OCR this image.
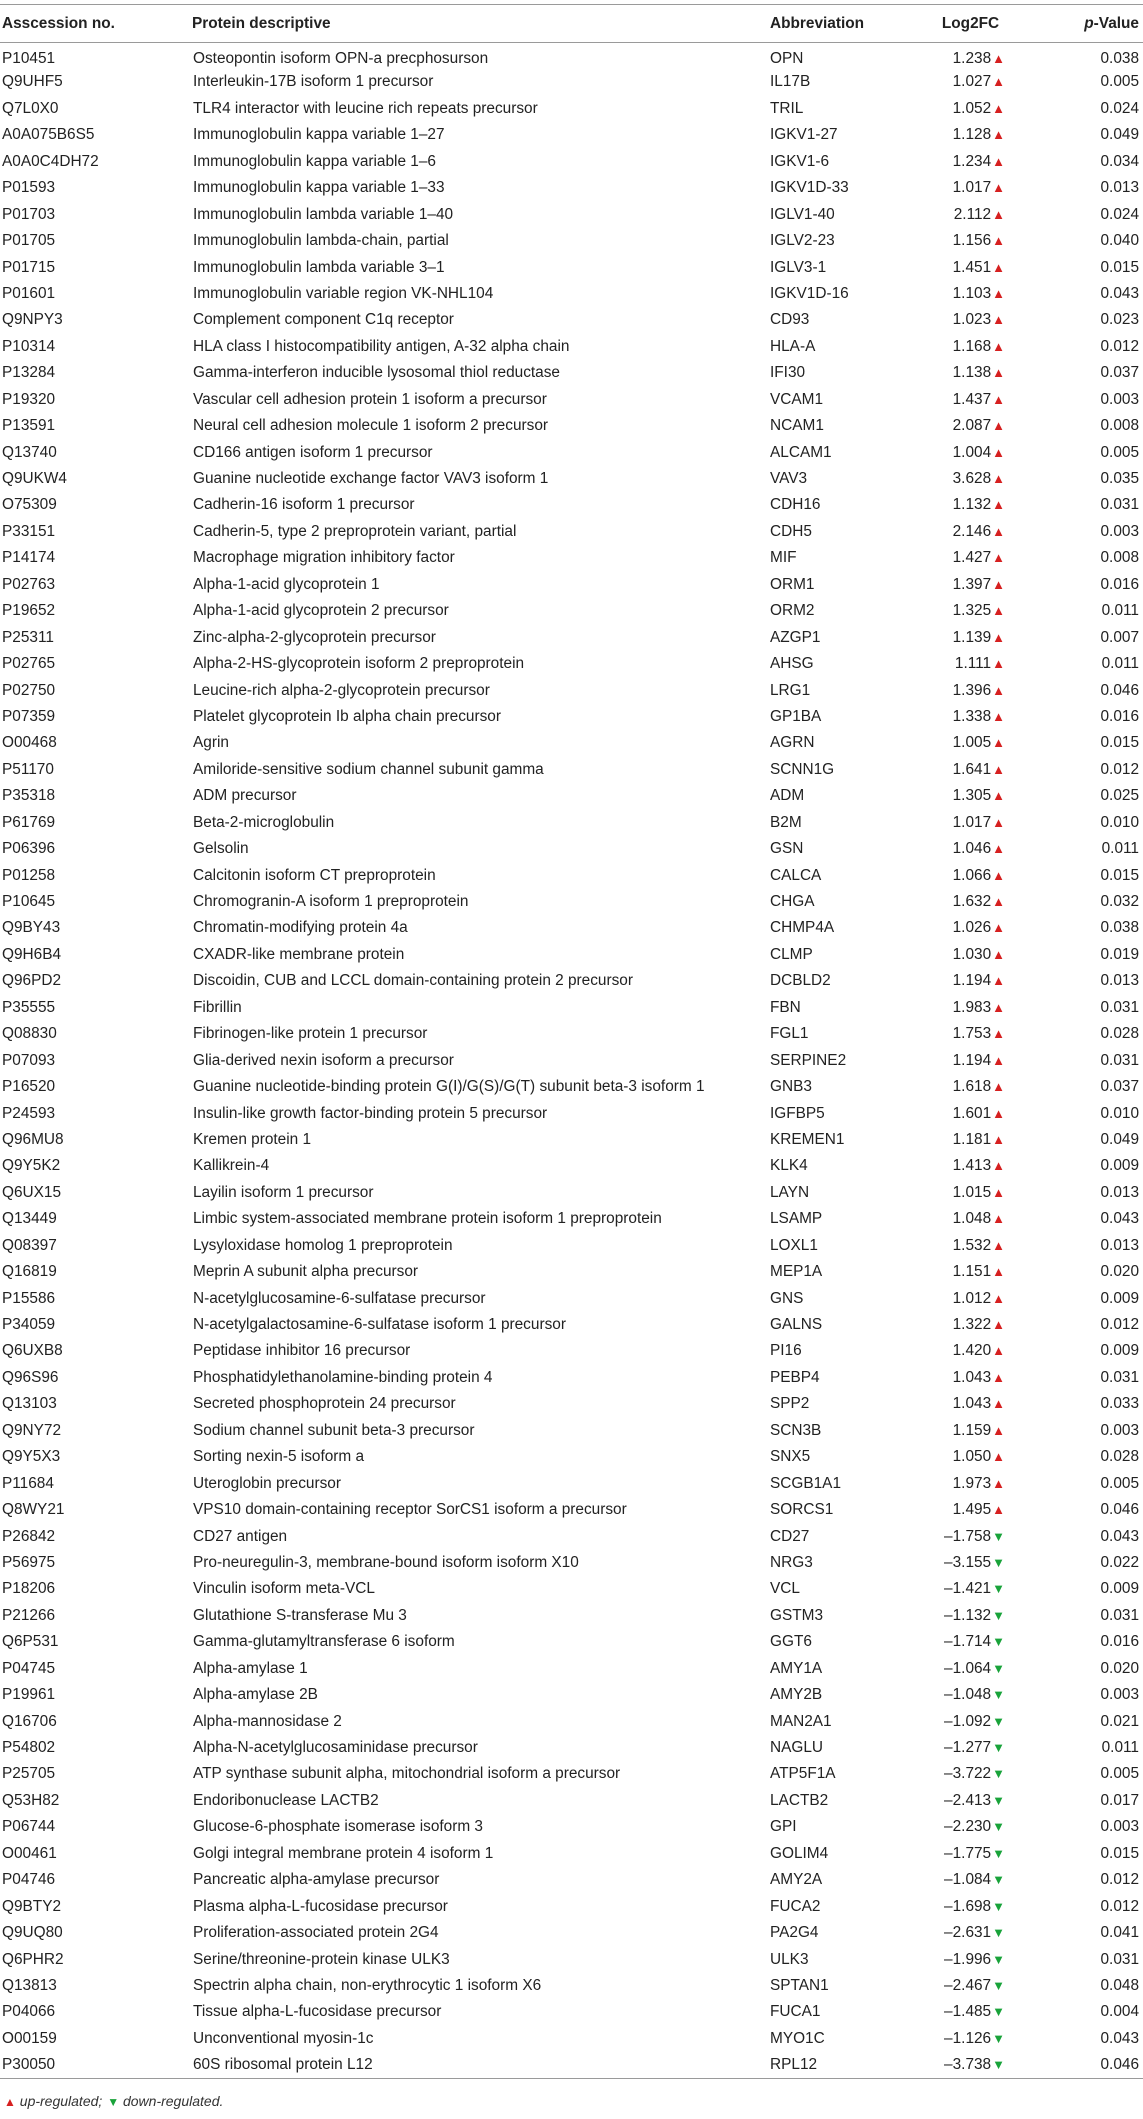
Asscession no.	Protein descriptive	Abbreviation	Log2FC	p-Value
P10451	Osteopontin isoform OPN-a precphosurson	OPN	1.238▲	0.038
Q9UHF5	Interleukin-17B isoform 1 precursor	IL17B	1.027▲	0.005
Q7L0X0	TLR4 interactor with leucine rich repeats precursor	TRIL	1.052▲	0.024
A0A075B6S5	Immunoglobulin kappa variable 1–27	IGKV1-27	1.128▲	0.049
A0A0C4DH72	Immunoglobulin kappa variable 1–6	IGKV1-6	1.234▲	0.034
P01593	Immunoglobulin kappa variable 1–33	IGKV1D-33	1.017▲	0.013
P01703	Immunoglobulin lambda variable 1–40	IGLV1-40	2.112▲	0.024
P01705	Immunoglobulin lambda-chain, partial	IGLV2-23	1.156▲	0.040
P01715	Immunoglobulin lambda variable 3–1	IGLV3-1	1.451▲	0.015
P01601	Immunoglobulin variable region VK-NHL104	IGKV1D-16	1.103▲	0.043
Q9NPY3	Complement component C1q receptor	CD93	1.023▲	0.023
P10314	HLA class I histocompatibility antigen, A-32 alpha chain	HLA-A	1.168▲	0.012
P13284	Gamma-interferon inducible lysosomal thiol reductase	IFI30	1.138▲	0.037
P19320	Vascular cell adhesion protein 1 isoform a precursor	VCAM1	1.437▲	0.003
P13591	Neural cell adhesion molecule 1 isoform 2 precursor	NCAM1	2.087▲	0.008
Q13740	CD166 antigen isoform 1 precursor	ALCAM1	1.004▲	0.005
Q9UKW4	Guanine nucleotide exchange factor VAV3 isoform 1	VAV3	3.628▲	0.035
O75309	Cadherin-16 isoform 1 precursor	CDH16	1.132▲	0.031
P33151	Cadherin-5, type 2 preproprotein variant, partial	CDH5	2.146▲	0.003
P14174	Macrophage migration inhibitory factor	MIF	1.427▲	0.008
P02763	Alpha-1-acid glycoprotein 1	ORM1	1.397▲	0.016
P19652	Alpha-1-acid glycoprotein 2 precursor	ORM2	1.325▲	0.011
P25311	Zinc-alpha-2-glycoprotein precursor	AZGP1	1.139▲	0.007
P02765	Alpha-2-HS-glycoprotein isoform 2 preproprotein	AHSG	1.111▲	0.011
P02750	Leucine-rich alpha-2-glycoprotein precursor	LRG1	1.396▲	0.046
P07359	Platelet glycoprotein Ib alpha chain precursor	GP1BA	1.338▲	0.016
O00468	Agrin	AGRN	1.005▲	0.015
P51170	Amiloride-sensitive sodium channel subunit gamma	SCNN1G	1.641▲	0.012
P35318	ADM precursor	ADM	1.305▲	0.025
P61769	Beta-2-microglobulin	B2M	1.017▲	0.010
P06396	Gelsolin	GSN	1.046▲	0.011
P01258	Calcitonin isoform CT preproprotein	CALCA	1.066▲	0.015
P10645	Chromogranin-A isoform 1 preproprotein	CHGA	1.632▲	0.032
Q9BY43	Chromatin-modifying protein 4a	CHMP4A	1.026▲	0.038
Q9H6B4	CXADR-like membrane protein	CLMP	1.030▲	0.019
Q96PD2	Discoidin, CUB and LCCL domain-containing protein 2 precursor	DCBLD2	1.194▲	0.013
P35555	Fibrillin	FBN	1.983▲	0.031
Q08830	Fibrinogen-like protein 1 precursor	FGL1	1.753▲	0.028
P07093	Glia-derived nexin isoform a precursor	SERPINE2	1.194▲	0.031
P16520	Guanine nucleotide-binding protein G(I)/G(S)/G(T) subunit beta-3 isoform 1	GNB3	1.618▲	0.037
P24593	Insulin-like growth factor-binding protein 5 precursor	IGFBP5	1.601▲	0.010
Q96MU8	Kremen protein 1	KREMEN1	1.181▲	0.049
Q9Y5K2	Kallikrein-4	KLK4	1.413▲	0.009
Q6UX15	Layilin isoform 1 precursor	LAYN	1.015▲	0.013
Q13449	Limbic system-associated membrane protein isoform 1 preproprotein	LSAMP	1.048▲	0.043
Q08397	Lysyloxidase homolog 1 preproprotein	LOXL1	1.532▲	0.013
Q16819	Meprin A subunit alpha precursor	MEP1A	1.151▲	0.020
P15586	N-acetylglucosamine-6-sulfatase precursor	GNS	1.012▲	0.009
P34059	N-acetylgalactosamine-6-sulfatase isoform 1 precursor	GALNS	1.322▲	0.012
Q6UXB8	Peptidase inhibitor 16 precursor	PI16	1.420▲	0.009
Q96S96	Phosphatidylethanolamine-binding protein 4	PEBP4	1.043▲	0.031
Q13103	Secreted phosphoprotein 24 precursor	SPP2	1.043▲	0.033
Q9NY72	Sodium channel subunit beta-3 precursor	SCN3B	1.159▲	0.003
Q9Y5X3	Sorting nexin-5 isoform a	SNX5	1.050▲	0.028
P11684	Uteroglobin precursor	SCGB1A1	1.973▲	0.005
Q8WY21	VPS10 domain-containing receptor SorCS1 isoform a precursor	SORCS1	1.495▲	0.046
P26842	CD27 antigen	CD27	–1.758▼	0.043
P56975	Pro-neuregulin-3, membrane-bound isoform isoform X10	NRG3	–3.155▼	0.022
P18206	Vinculin isoform meta-VCL	VCL	–1.421▼	0.009
P21266	Glutathione S-transferase Mu 3	GSTM3	–1.132▼	0.031
Q6P531	Gamma-glutamyltransferase 6 isoform	GGT6	–1.714▼	0.016
P04745	Alpha-amylase 1	AMY1A	–1.064▼	0.020
P19961	Alpha-amylase 2B	AMY2B	–1.048▼	0.003
Q16706	Alpha-mannosidase 2	MAN2A1	–1.092▼	0.021
P54802	Alpha-N-acetylglucosaminidase precursor	NAGLU	–1.277▼	0.011
P25705	ATP synthase subunit alpha, mitochondrial isoform a precursor	ATP5F1A	–3.722▼	0.005
Q53H82	Endoribonuclease LACTB2	LACTB2	–2.413▼	0.017
P06744	Glucose-6-phosphate isomerase isoform 3	GPI	–2.230▼	0.003
O00461	Golgi integral membrane protein 4 isoform 1	GOLIM4	–1.775▼	0.015
P04746	Pancreatic alpha-amylase precursor	AMY2A	–1.084▼	0.012
Q9BTY2	Plasma alpha-L-fucosidase precursor	FUCA2	–1.698▼	0.012
Q9UQ80	Proliferation-associated protein 2G4	PA2G4	–2.631▼	0.041
Q6PHR2	Serine/threonine-protein kinase ULK3	ULK3	–1.996▼	0.031
Q13813	Spectrin alpha chain, non-erythrocytic 1 isoform X6	SPTAN1	–2.467▼	0.048
P04066	Tissue alpha-L-fucosidase precursor	FUCA1	–1.485▼	0.004
O00159	Unconventional myosin-1c	MYO1C	–1.126▼	0.043
P30050	60S ribosomal protein L12	RPL12	–3.738▼	0.046
▲ up-regulated; ▼ down-regulated.
